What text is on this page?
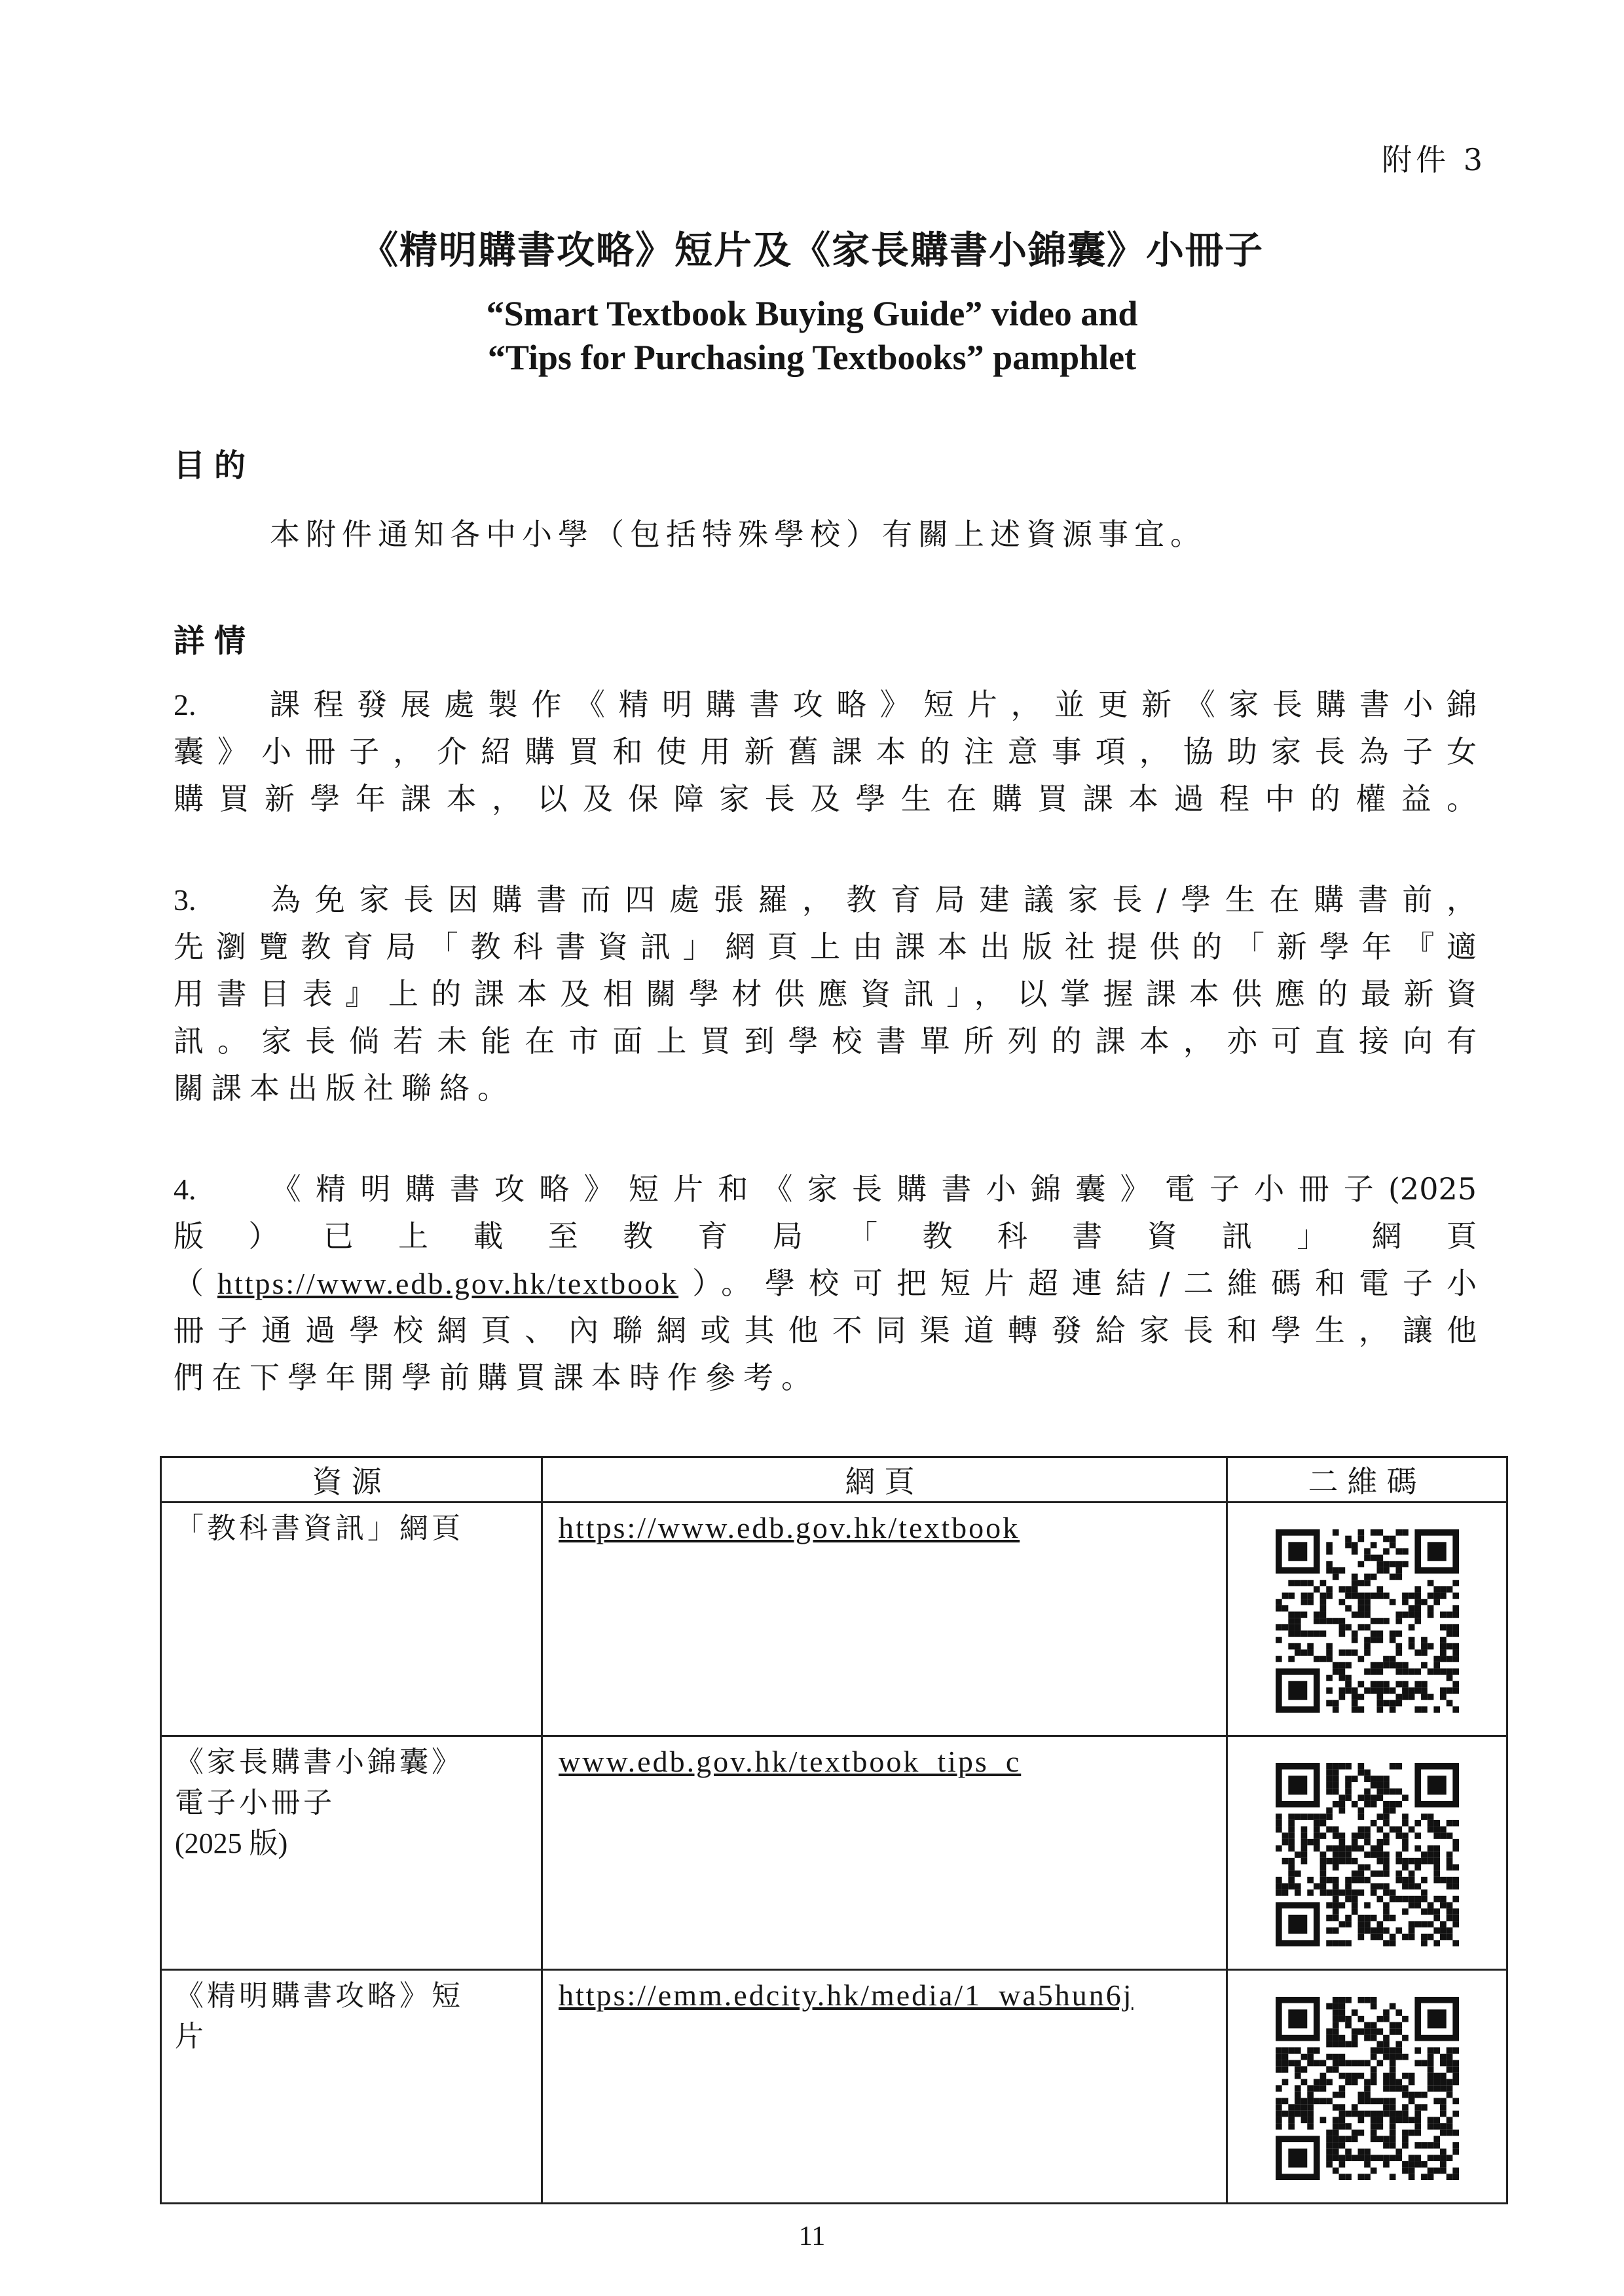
附件 3
《精明購書攻略》短片及《家長購書小錦囊》小冊子
“Smart Textbook Buying Guide” video and
“Tips for Purchasing Textbooks” pamphlet
目的
本附件通知各中小學（包括特殊學校）有關上述資源事宜。
詳情
2.   課程發展處製作《精明購書攻略》短片，並更新《家長購書小錦
囊》小冊子，介紹購買和使用新舊課本的注意事項，協助家長為子女
購買新學年課本，以及保障家長及學生在購買課本過程中的權益。
3.   為免家長因購書而四處張羅，教育局建議家長/學生在購書前，
先瀏覽教育局「教科書資訊」網頁上由課本出版社提供的「新學年『適
用書目表』上的課本及相關學材供應資訊」，以掌握課本供應的最新資
訊。家長倘若未能在市面上買到學校書單所列的課本，亦可直接向有
關課本出版社聯絡。
4.   《精明購書攻略》短片和《家長購書小錦囊》電子小冊子(2025
版）已上載至教育局「教科書資訊」網頁
（https://www.edb.gov.hk/textbook）。學校可把短片超連結/二維碼和電子小
冊子通過學校網頁、內聯網或其他不同渠道轉發給家長和學生，讓他
們在下學年開學前購買課本時作參考。
資源	網頁	二維碼

「教科書資訊」網頁	https://www.edb.gov.hk/textbook	

《家長購書小錦囊》
電子小冊子
(2025 版)	www.edb.gov.hk/textbook_tips_c	

《精明購書攻略》短
片	https://emm.edcity.hk/media/1_wa5hun6j	
11
